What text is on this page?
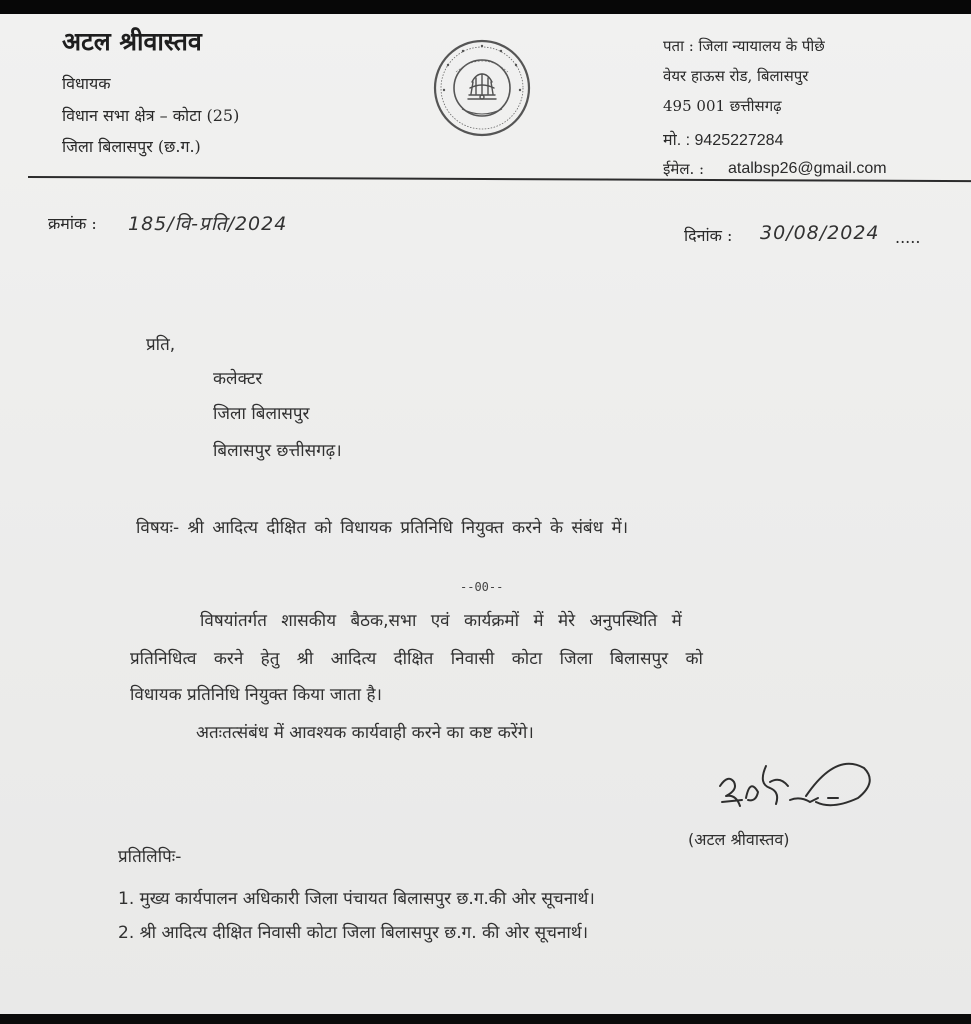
अटल श्रीवास्तव
विधायक
विधान सभा क्षेत्र – कोटा (25)
जिला बिलासपुर (छ.ग.)
पता : जिला न्यायालय के पीछे
वेयर हाऊस रोड, बिलासपुर
495 001 छत्तीसगढ़
मो. : 9425227284
ईमेल. : atalbsp26@gmail.com
क्रमांक : 185/वि-प्रति/2024
दिनांक : 30/08/2024 .....
प्रति,
कलेक्टर
जिला बिलासपुर
बिलासपुर छत्तीसगढ़।
विषयः- श्री आदित्य दीक्षित को विधायक प्रतिनिधि नियुक्त करने के संबंध में।
--00--
विषयांतर्गत शासकीय बैठक,सभा एवं कार्यक्रमों में मेरे अनुपस्थिति में
प्रतिनिधित्व करने हेतु श्री आदित्य दीक्षित निवासी कोटा जिला बिलासपुर को
विधायक प्रतिनिधि नियुक्त किया जाता है।
अतःतत्संबंध में आवश्यक कार्यवाही करने का कष्ट करेंगे।
(अटल श्रीवास्तव)
प्रतिलिपिः-
1. मुख्य कार्यपालन अधिकारी जिला पंचायत बिलासपुर छ.ग.की ओर सूचनार्थ।
2. श्री आदित्य दीक्षित निवासी कोटा जिला बिलासपुर छ.ग. की ओर सूचनार्थ।
